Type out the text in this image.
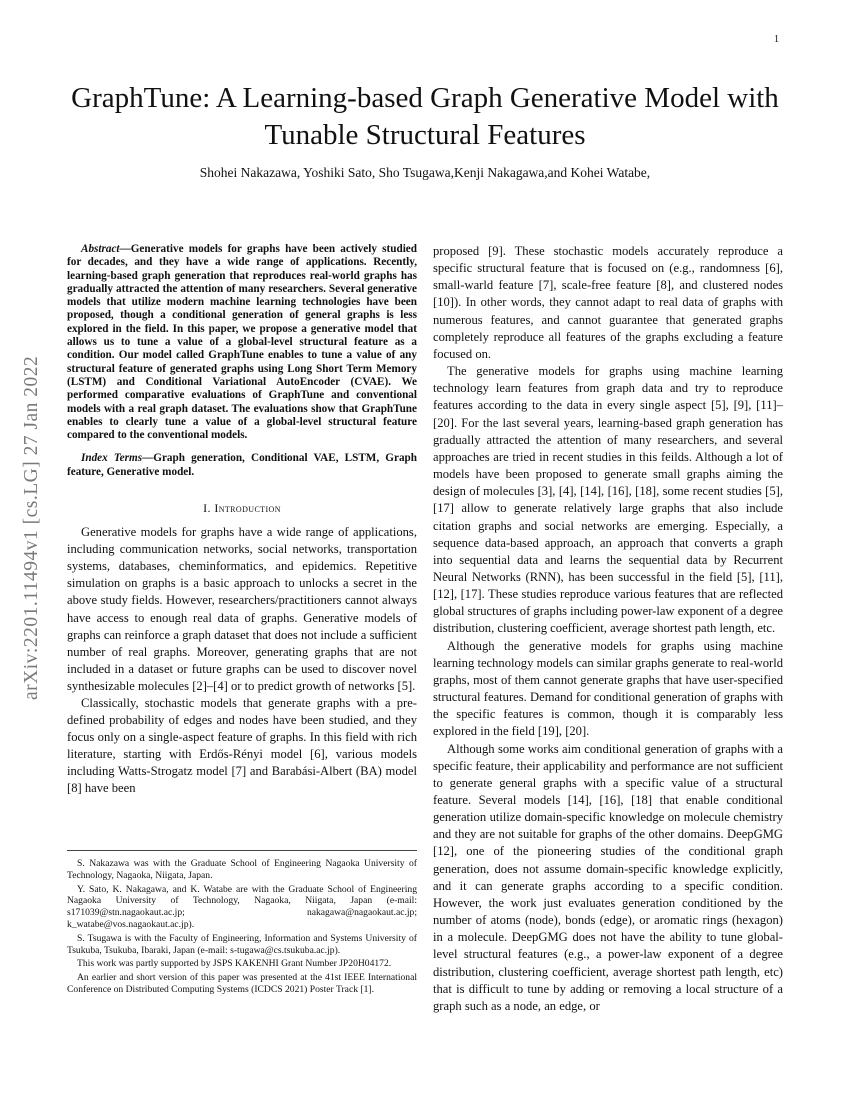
1
arXiv:2201.11494v1 [cs.LG] 27 Jan 2022
GraphTune: A Learning-based Graph Generative Model with Tunable Structural Features
Shohei Nakazawa, Yoshiki Sato, Sho Tsugawa,Kenji Nakagawa,and Kohei Watabe,

Abstract—Generative models for graphs have been actively studied for decades, and they have a wide range of applications. Recently, learning-based graph generation that reproduces real-world graphs has gradually attracted the attention of many researchers. Several generative models that utilize modern machine learning technologies have been proposed, though a conditional generation of general graphs is less explored in the field. In this paper, we propose a generative model that allows us to tune a value of a global-level structural feature as a condition. Our model called GraphTune enables to tune a value of any structural feature of generated graphs using Long Short Term Memory (LSTM) and Conditional Variational AutoEncoder (CVAE). We performed comparative evaluations of GraphTune and conventional models with a real graph dataset. The evaluations show that GraphTune enables to clearly tune a value of a global-level structural feature compared to the conventional models.

Index Terms—Graph generation, Conditional VAE, LSTM, Graph feature, Generative model.

I. Introduction

Generative models for graphs have a wide range of applications, including communication networks, social networks, transportation systems, databases, cheminformatics, and epidemics. Repetitive simulation on graphs is a basic approach to unlocks a secret in the above study fields. However, researchers/practitioners cannot always have access to enough real data of graphs. Generative models of graphs can reinforce a graph dataset that does not include a sufficient number of real graphs. Moreover, generating graphs that are not included in a dataset or future graphs can be used to discover novel synthesizable molecules [2]–[4] or to predict growth of networks [5].

Classically, stochastic models that generate graphs with a pre-defined probability of edges and nodes have been studied, and they focus only on a single-aspect feature of graphs. In this field with rich literature, starting with Erdős-Rényi model [6], various models including Watts-Strogatz model [7] and Barabási-Albert (BA) model [8] have been

S. Nakazawa was with the Graduate School of Engineering Nagaoka University of Technology, Nagaoka, Niigata, Japan.

Y. Sato, K. Nakagawa, and K. Watabe are with the Graduate School of Engineering Nagaoka University of Technology, Nagaoka, Niigata, Japan (e-mail: s171039@stn.nagaokaut.ac.jp; nakagawa@nagaokaut.ac.jp; k_watabe@vos.nagaokaut.ac.jp).

S. Tsugawa is with the Faculty of Engineering, Information and Systems University of Tsukuba, Tsukuba, Ibaraki, Japan (e-mail: s-tugawa@cs.tsukuba.ac.jp).

This work was partly supported by JSPS KAKENHI Grant Number JP20H04172.

An earlier and short version of this paper was presented at the 41st IEEE International Conference on Distributed Computing Systems (ICDCS 2021) Poster Track [1].

proposed [9]. These stochastic models accurately reproduce a specific structural feature that is focused on (e.g., randomness [6], small-warld feature [7], scale-free feature [8], and clustered nodes [10]). In other words, they cannot adapt to real data of graphs with numerous features, and cannot guarantee that generated graphs completely reproduce all features of the graphs excluding a feature focused on.

The generative models for graphs using machine learning technology learn features from graph data and try to reproduce features according to the data in every single aspect [5], [9], [11]–[20]. For the last several years, learning-based graph generation has gradually attracted the attention of many researchers, and several approaches are tried in recent studies in this feilds. Although a lot of models have been proposed to generate small graphs aiming the design of molecules [3], [4], [14], [16], [18], some recent studies [5], [17] allow to generate relatively large graphs that also include citation graphs and social networks are emerging. Especially, a sequence data-based approach, an approach that converts a graph into sequential data and learns the sequential data by Recurrent Neural Networks (RNN), has been successful in the field [5], [11], [12], [17]. These studies reproduce various features that are reflected global structures of graphs including power-law exponent of a degree distribution, clustering coefficient, average shortest path length, etc.

Although the generative models for graphs using machine learning technology models can similar graphs generate to real-world graphs, most of them cannot generate graphs that have user-specified structural features. Demand for conditional generation of graphs with the specific features is common, though it is comparably less explored in the field [19], [20].

Although some works aim conditional generation of graphs with a specific feature, their applicability and performance are not sufficient to generate general graphs with a specific value of a structural feature. Several models [14], [16], [18] that enable conditional generation utilize domain-specific knowledge on molecule chemistry and they are not suitable for graphs of the other domains. DeepGMG [12], one of the pioneering studies of the conditional graph generation, does not assume domain-specific knowledge explicitly, and it can generate graphs according to a specific condition. However, the work just evaluates generation conditioned by the number of atoms (node), bonds (edge), or aromatic rings (hexagon) in a molecule. DeepGMG does not have the ability to tune global-level structural features (e.g., a power-law exponent of a degree distribution, clustering coefficient, average shortest path length, etc) that is difficult to tune by adding or removing a local structure of a graph such as a node, an edge, or
